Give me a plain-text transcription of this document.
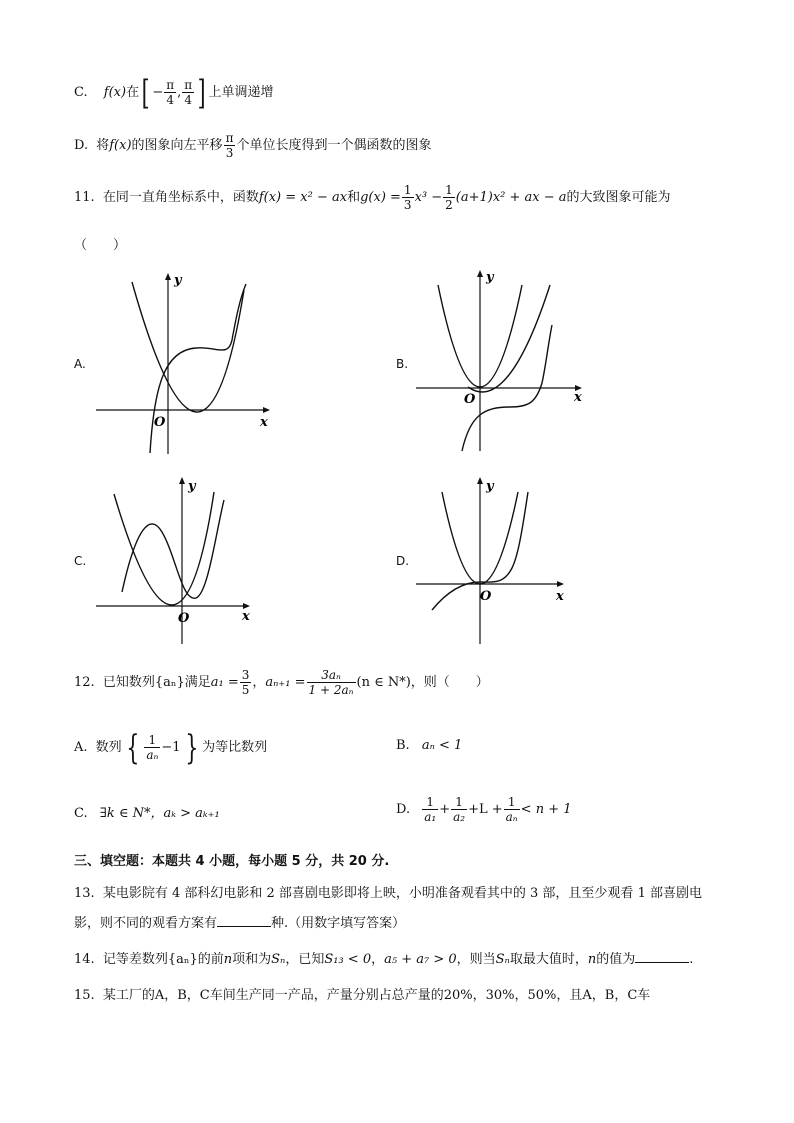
C. f(x)在[ − $\frac{\pi}{4}$ , $\frac{\pi}{4}$ ] 上单调递增
D. 将f(x)的图象向左平移 $\frac{\pi}{3}$ 个单位长度得到一个偶函数的图象
11. 在同一直角坐标系中，函数f(x) = x² − ax和$g(x) = \frac{1}{3} x^3 - \frac{1}{2} (a+1)x^2$ + ax − a的大致图象可能为
（　　）
A.
y
x
O
B.
y
x
O
C.
y
x
O
D.
y
x
O
12. 已知数列{aₙ}满足$a_1 = \frac{3}{5}$ ，$a_{n+1} = \frac{\text{3aₙ}}{\text{1 + 2aₙ}} (n$ ∈ N*)，则（　　）
A. 数列 { $\frac{1}{\text{aₙ}} -1$ } 为等比数列	B. aₙ < 1
C. ∃k ∈ N*，aₖ > aₖ₊₁	D. $\frac{1}{\text{a₁}} + \frac{1}{\text{a₂}} +L + \frac{1}{\text{aₙ}} < n + 1$
三、填空题：本题共 4 小题，每小题 5 分，共 20 分.
13. 某电影院有 4 部科幻电影和 2 部喜剧电影即将上映，小明准备观看其中的 3 部，且至少观看 1 部喜剧电
影，则不同的观看方案有	种.（用数字填写答案）
14. 记等差数列{aₙ}的前n项和为Sₙ，已知S₁₃ < 0，a₅ + a₇ > 0，则当Sₙ取最大值时，n的值为	.
15. 某工厂的A，B，C车间生产同一产品，产量分别占总产量的20%，30%，50%，且A，B，C车
